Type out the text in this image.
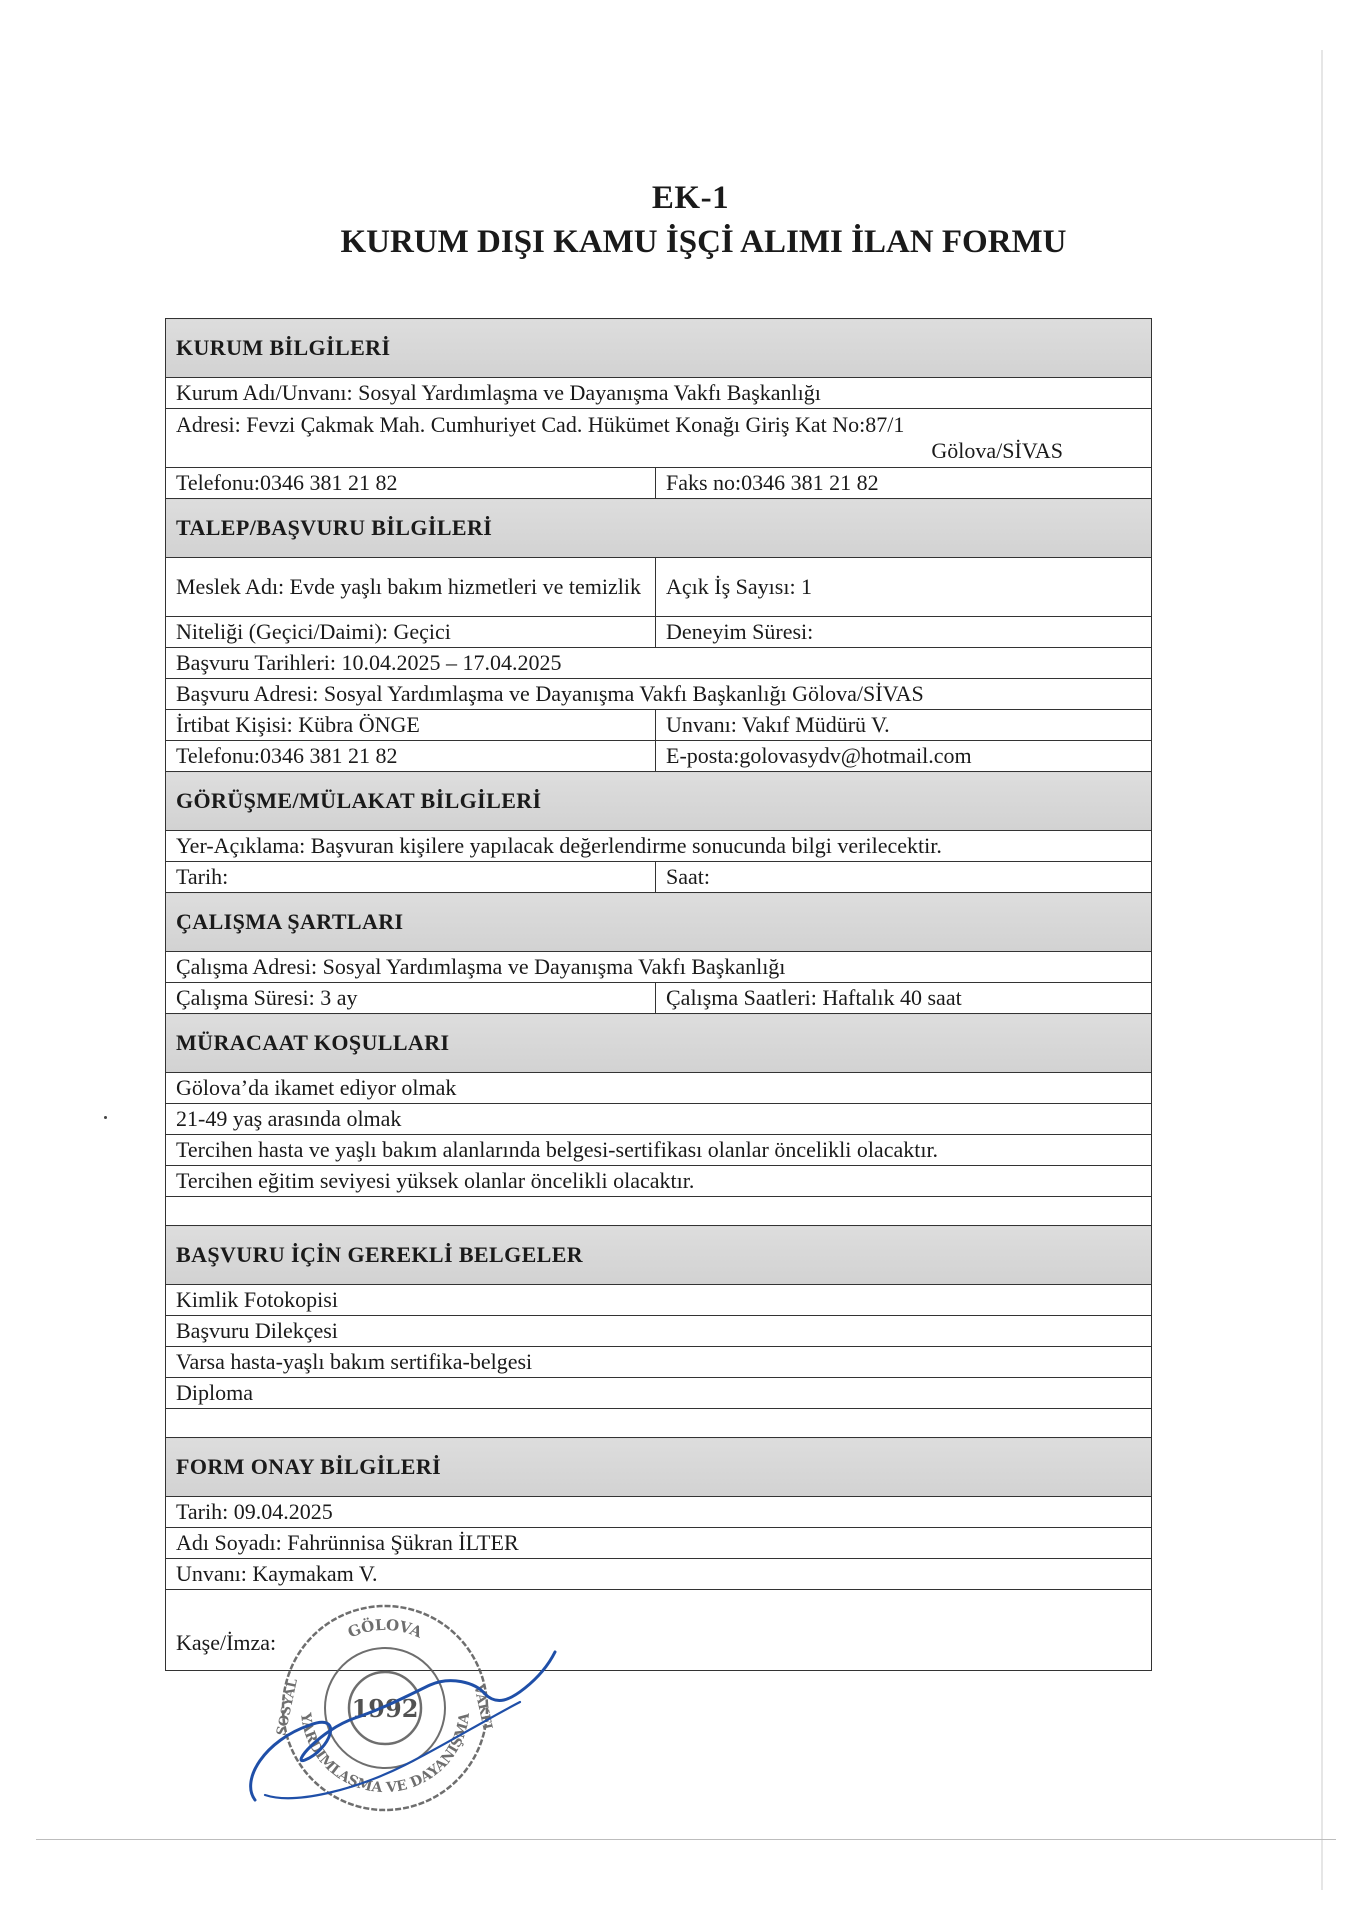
EK-1
KURUM DIŞI KAMU İŞÇİ ALIMI İLAN FORMU
KURUM BİLGİLERİ	
Kurum Adı/Unvanı: Sosyal Yardımlaşma ve Dayanışma Vakfı Başkanlığı	
Adresi: Fevzi Çakmak Mah. Cumhuriyet Cad. Hükümet Konağı Giriş Kat No:87/1
Gölova/SİVAS	

Telefonu:0346 381 21 82	Faks no:0346 381 21 82
TALEP/BAŞVURU BİLGİLERİ	
Meslek Adı: Evde yaşlı bakım hizmetleri ve temizlik	Açık İş Sayısı: 1
Niteliği (Geçici/Daimi): Geçici	Deneyim Süresi:
Başvuru Tarihleri: 10.04.2025 – 17.04.2025	
Başvuru Adresi: Sosyal Yardımlaşma ve Dayanışma Vakfı Başkanlığı Gölova/SİVAS	
İrtibat Kişisi: Kübra ÖNGE	Unvanı: Vakıf Müdürü V.
Telefonu:0346 381 21 82	E-posta:golovasydv@hotmail.com
GÖRÜŞME/MÜLAKAT BİLGİLERİ	
Yer-Açıklama: Başvuran kişilere yapılacak değerlendirme sonucunda bilgi verilecektir.	
Tarih:	Saat:
ÇALIŞMA ŞARTLARI	
Çalışma Adresi: Sosyal Yardımlaşma ve Dayanışma Vakfı Başkanlığı	
Çalışma Süresi: 3 ay	Çalışma Saatleri: Haftalık 40 saat
MÜRACAAT KOŞULLARI	
Gölova’da ikamet ediyor olmak	
21-49 yaş arasında olmak	
Tercihen hasta ve yaşlı bakım alanlarında belgesi-sertifikası olanlar öncelikli olacaktır.	
Tercihen eğitim seviyesi yüksek olanlar öncelikli olacaktır.	

BAŞVURU İÇİN GEREKLİ BELGELER	
Kimlik Fotokopisi	
Başvuru Dilekçesi	
Varsa hasta-yaşlı bakım sertifika-belgesi	
Diploma	

FORM ONAY BİLGİLERİ	
Tarih: 09.04.2025	
Adı Soyadı: Fahrünnisa Şükran İLTER	
Unvanı: Kaymakam V.	
Kaşe/İmza:		GÖLOVA
YARDIMLAŞMA VE DAYANIŞMA
SOSYAL	VAKFI
1992
